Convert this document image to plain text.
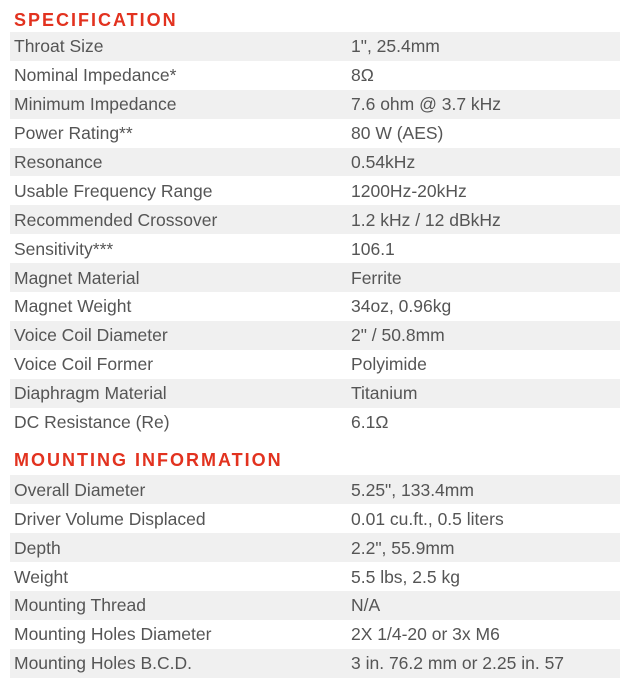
SPECIFICATION
Throat Size	1", 25.4mm
Nominal Impedance*	8Ω
Minimum Impedance	7.6 ohm @ 3.7 kHz
Power Rating**	80 W (AES)
Resonance	0.54kHz
Usable Frequency Range	1200Hz-20kHz
Recommended Crossover	1.2 kHz / 12 dBkHz
Sensitivity***	106.1
Magnet Material	Ferrite
Magnet Weight	34oz, 0.96kg
Voice Coil Diameter	2" / 50.8mm
Voice Coil Former	Polyimide
Diaphragm Material	Titanium
DC Resistance (Re)	6.1Ω
MOUNTING INFORMATION
Overall Diameter	5.25", 133.4mm
Driver Volume Displaced	0.01 cu.ft., 0.5 liters
Depth	2.2", 55.9mm
Weight	5.5 lbs, 2.5 kg
Mounting Thread	N/A
Mounting Holes Diameter	2X 1/4-20 or 3x M6
Mounting Holes B.C.D.	3 in. 76.2 mm or 2.25 in. 57
